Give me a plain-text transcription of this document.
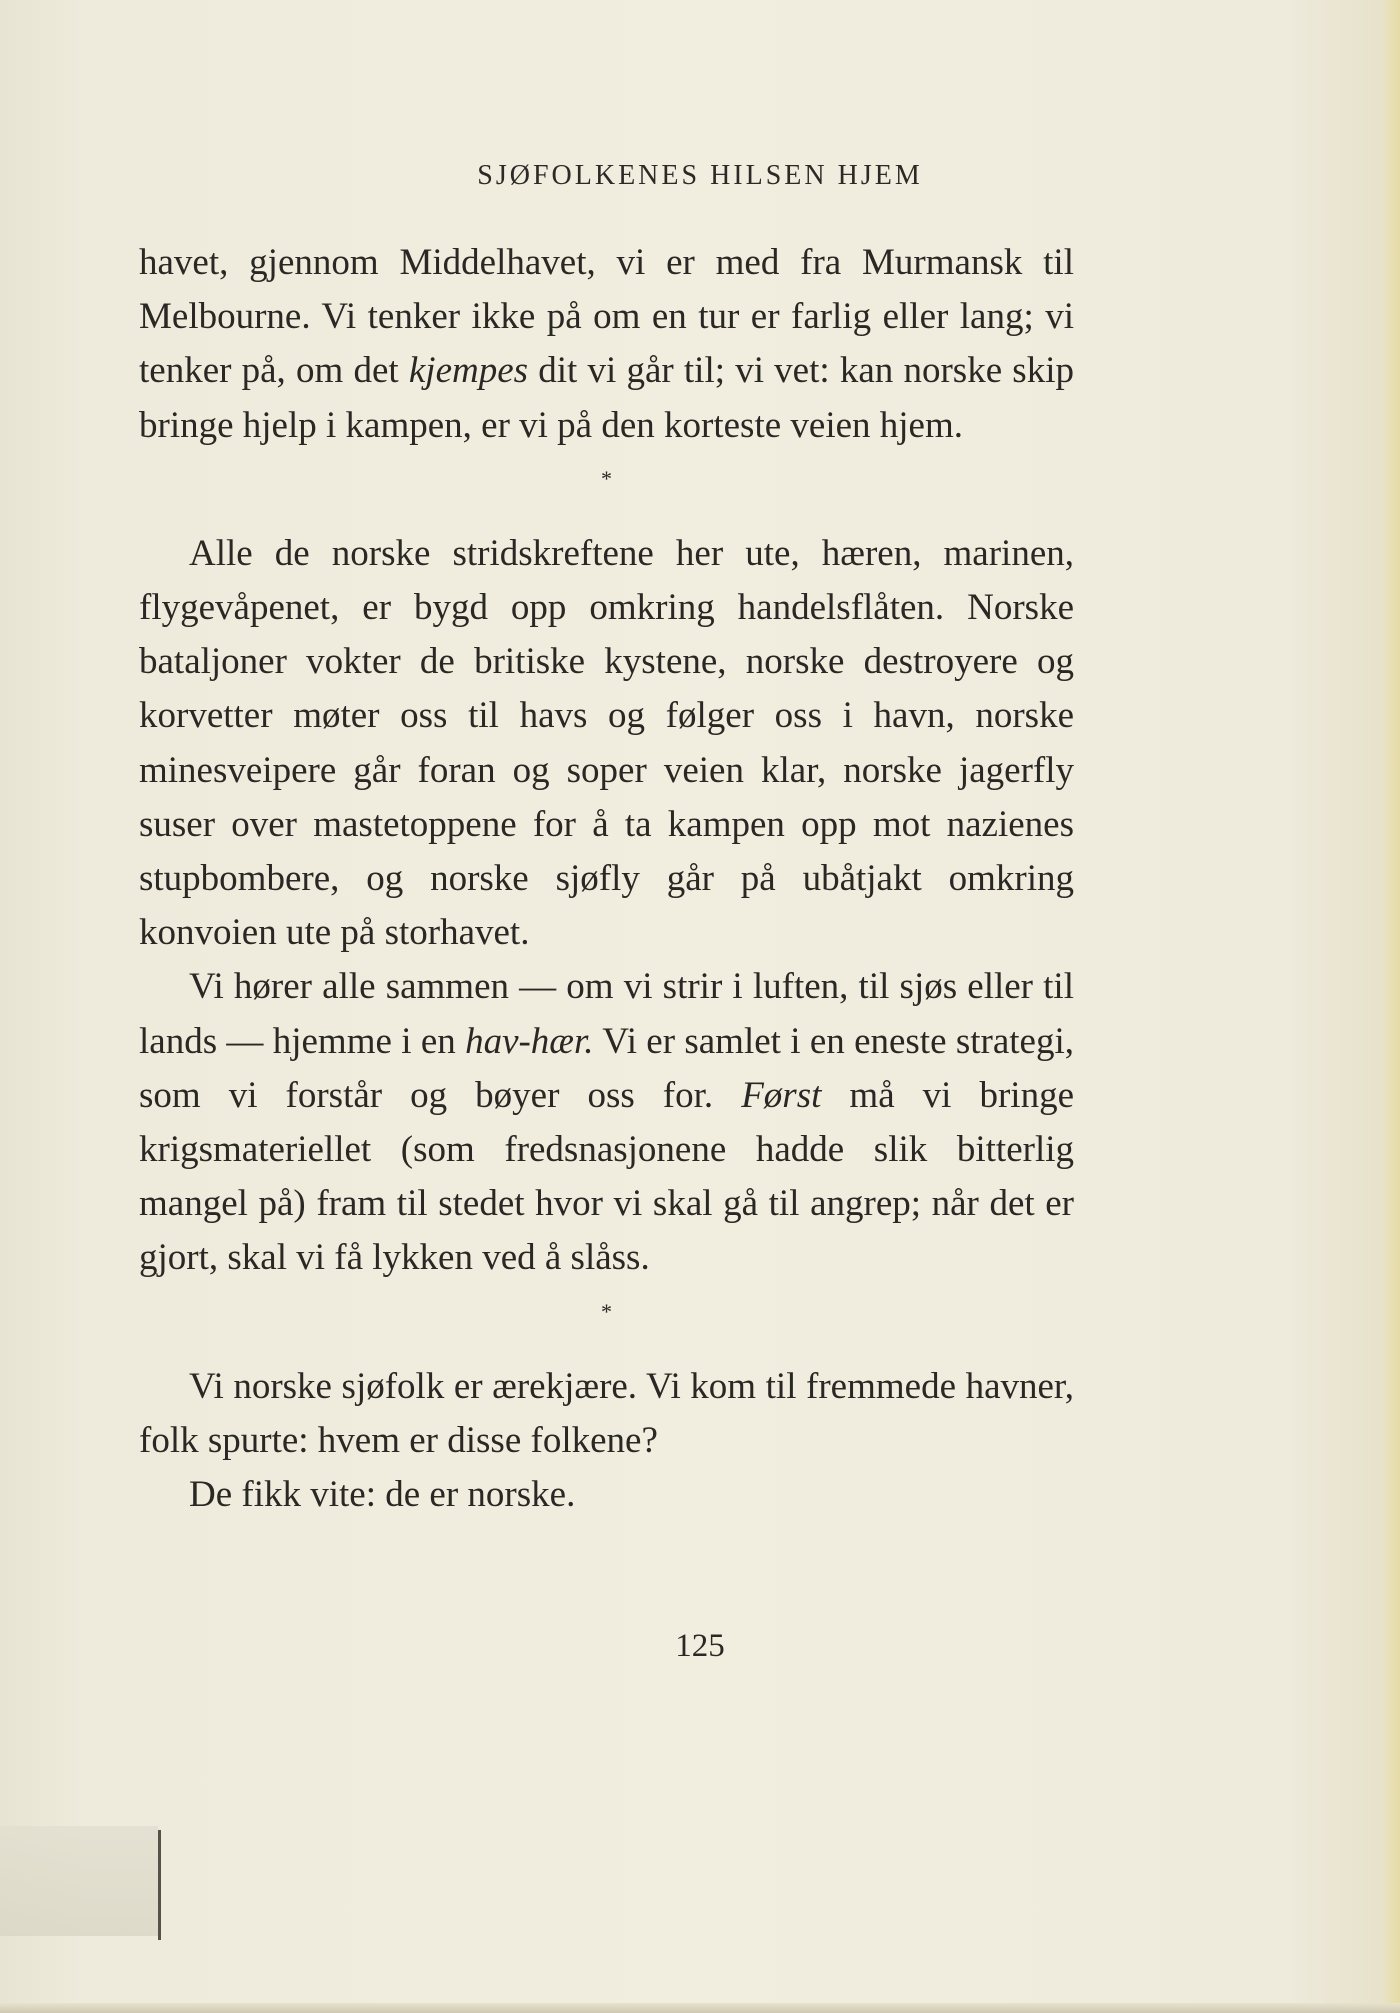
SJØFOLKENES HILSEN HJEM

havet, gjennom Middelhavet, vi er med fra Murmansk til Melbourne. Vi tenker ikke på om en tur er farlig eller lang; vi tenker på, om det kjempes dit vi går til; vi vet: kan norske skip bringe hjelp i kampen, er vi på den korteste veien hjem.

*

Alle de norske stridskreftene her ute, hæren, marinen, flygevåpenet, er bygd opp omkring handelsflåten. Norske bataljoner vokter de britiske kystene, norske destroyere og korvetter møter oss til havs og følger oss i havn, norske minesveipere går foran og soper veien klar, norske jagerfly suser over mastetoppene for å ta kampen opp mot nazienes stupbombere, og norske sjøfly går på ubåtjakt omkring konvoien ute på storhavet.

Vi hører alle sammen — om vi strir i luften, til sjøs eller til lands — hjemme i en hav-hær. Vi er samlet i en eneste strategi, som vi forstår og bøyer oss for. Først må vi bringe krigsmateriellet (som fredsnasjonene hadde slik bitterlig mangel på) fram til stedet hvor vi skal gå til angrep; når det er gjort, skal vi få lykken ved å slåss.

*

Vi norske sjøfolk er ærekjære. Vi kom til fremmede havner, folk spurte: hvem er disse folkene?

De fikk vite: de er norske.

125
